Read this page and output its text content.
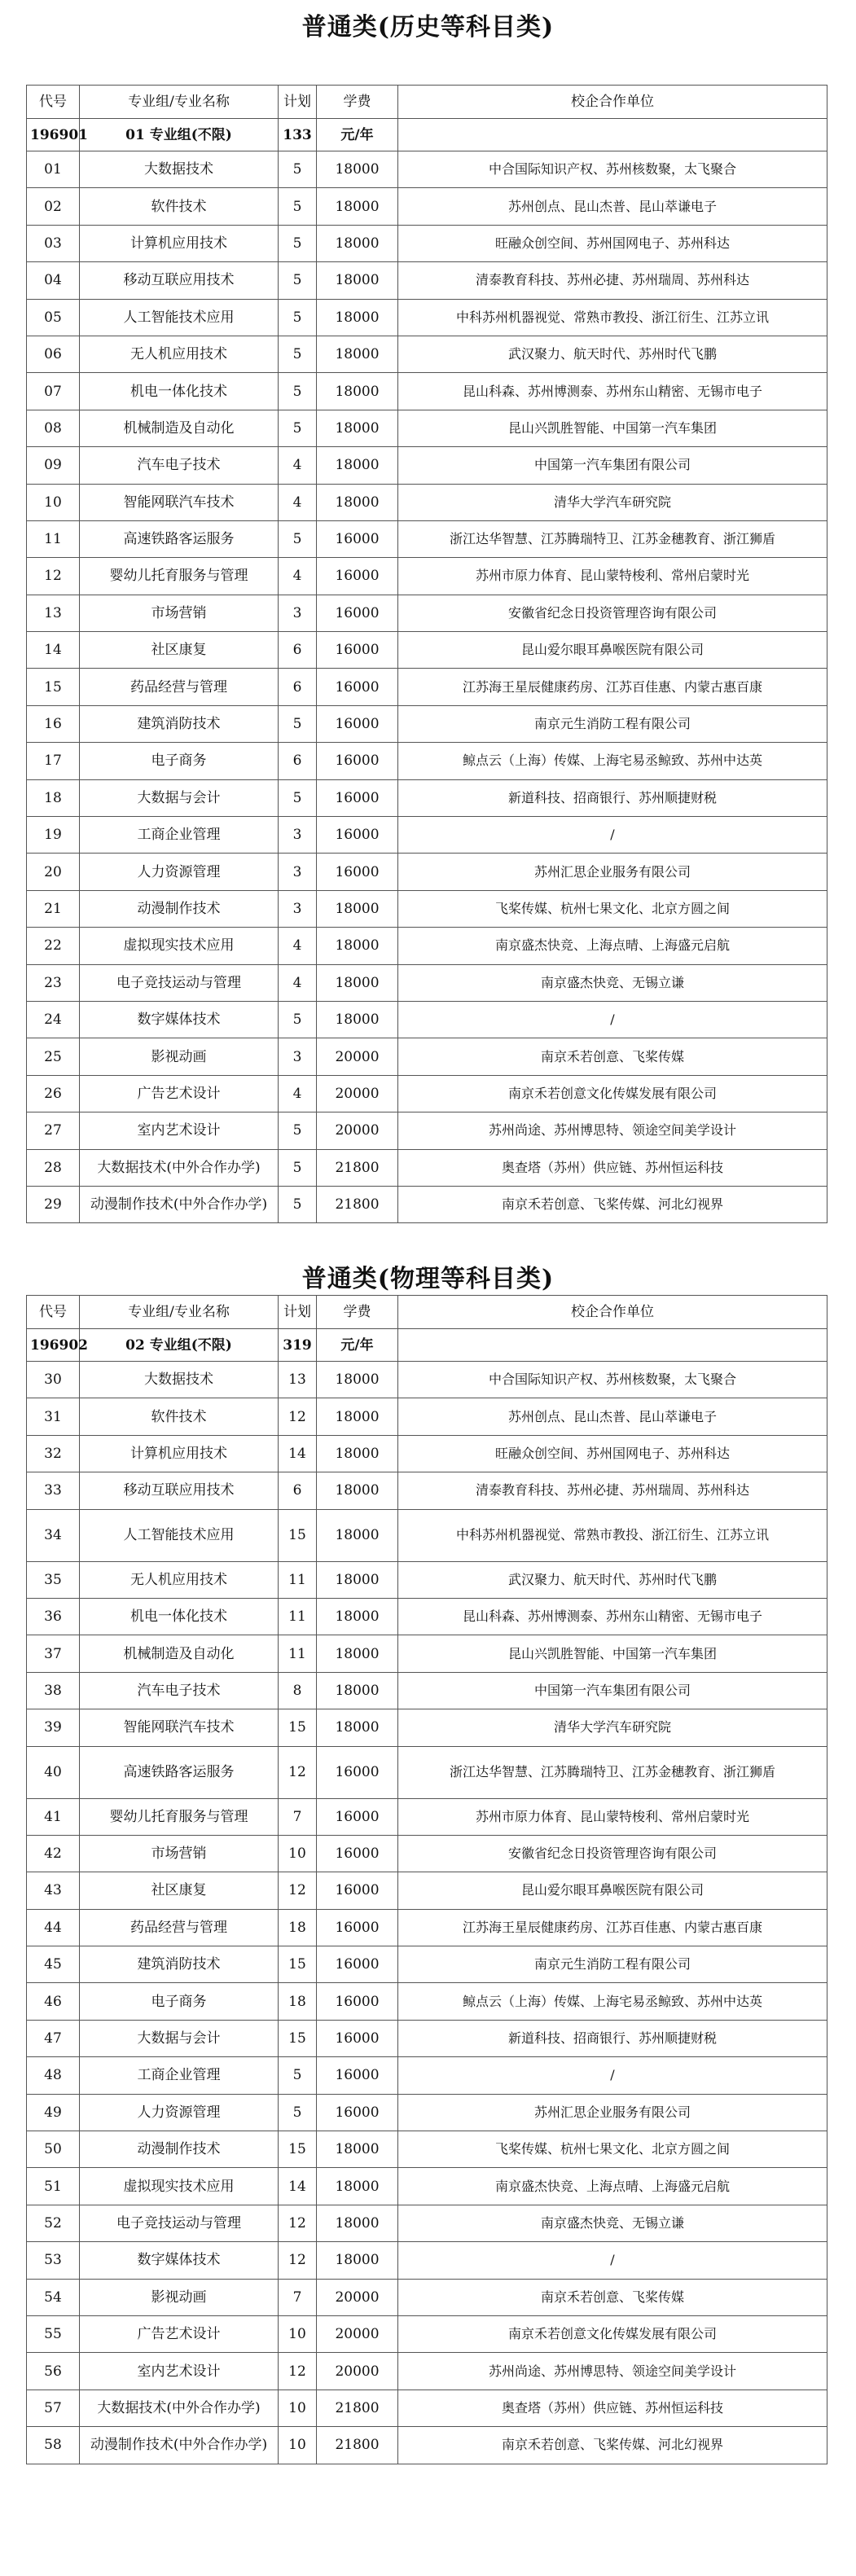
普通类(历史等科目类)
代号	专业组/专业名称	计划	学费	校企合作单位
196901	01 专业组(不限)	133	元/年	
01	大数据技术	5	18000	中合国际知识产权、苏州核数聚，太飞聚合
02	软件技术	5	18000	苏州创点、昆山杰普、昆山萃谦电子
03	计算机应用技术	5	18000	旺融众创空间、苏州国网电子、苏州科达
04	移动互联应用技术	5	18000	清泰教育科技、苏州必捷、苏州瑞周、苏州科达
05	人工智能技术应用	5	18000	中科苏州机器视觉、常熟市教投、浙江衍生、江苏立讯
06	无人机应用技术	5	18000	武汉聚力、航天时代、苏州时代飞鹏
07	机电一体化技术	5	18000	昆山科森、苏州博测泰、苏州东山精密、无锡市电子
08	机械制造及自动化	5	18000	昆山兴凯胜智能、中国第一汽车集团
09	汽车电子技术	4	18000	中国第一汽车集团有限公司
10	智能网联汽车技术	4	18000	清华大学汽车研究院
11	高速铁路客运服务	5	16000	浙江达华智慧、江苏腾瑞特卫、江苏金穗教育、浙江狮盾
12	婴幼儿托育服务与管理	4	16000	苏州市原力体育、昆山蒙特梭利、常州启蒙时光
13	市场营销	3	16000	安徽省纪念日投资管理咨询有限公司
14	社区康复	6	16000	昆山爱尔眼耳鼻喉医院有限公司
15	药品经营与管理	6	16000	江苏海王星辰健康药房、江苏百佳惠、内蒙古惠百康
16	建筑消防技术	5	16000	南京元生消防工程有限公司
17	电子商务	6	16000	鲸点云（上海）传媒、上海宅易丞鲸致、苏州中达英
18	大数据与会计	5	16000	新道科技、招商银行、苏州顺捷财税
19	工商企业管理	3	16000	/
20	人力资源管理	3	16000	苏州汇思企业服务有限公司
21	动漫制作技术	3	18000	飞桨传媒、杭州七果文化、北京方圆之间
22	虚拟现实技术应用	4	18000	南京盛杰快竞、上海点晴、上海盛元启航
23	电子竞技运动与管理	4	18000	南京盛杰快竞、无锡立谦
24	数字媒体技术	5	18000	/
25	影视动画	3	20000	南京禾若创意、飞桨传媒
26	广告艺术设计	4	20000	南京禾若创意文化传媒发展有限公司
27	室内艺术设计	5	20000	苏州尚途、苏州博思特、领途空间美学设计
28	大数据技术(中外合作办学)	5	21800	奥查塔（苏州）供应链、苏州恒运科技
29	动漫制作技术(中外合作办学)	5	21800	南京禾若创意、飞桨传媒、河北幻视界
普通类(物理等科目类)
代号	专业组/专业名称	计划	学费	校企合作单位
196902	02 专业组(不限)	319	元/年	
30	大数据技术	13	18000	中合国际知识产权、苏州核数聚，太飞聚合
31	软件技术	12	18000	苏州创点、昆山杰普、昆山萃谦电子
32	计算机应用技术	14	18000	旺融众创空间、苏州国网电子、苏州科达
33	移动互联应用技术	6	18000	清泰教育科技、苏州必捷、苏州瑞周、苏州科达
34	人工智能技术应用	15	18000	中科苏州机器视觉、常熟市教投、浙江衍生、江苏立讯
35	无人机应用技术	11	18000	武汉聚力、航天时代、苏州时代飞鹏
36	机电一体化技术	11	18000	昆山科森、苏州博测泰、苏州东山精密、无锡市电子
37	机械制造及自动化	11	18000	昆山兴凯胜智能、中国第一汽车集团
38	汽车电子技术	8	18000	中国第一汽车集团有限公司
39	智能网联汽车技术	15	18000	清华大学汽车研究院
40	高速铁路客运服务	12	16000	浙江达华智慧、江苏腾瑞特卫、江苏金穗教育、浙江狮盾
41	婴幼儿托育服务与管理	7	16000	苏州市原力体育、昆山蒙特梭利、常州启蒙时光
42	市场营销	10	16000	安徽省纪念日投资管理咨询有限公司
43	社区康复	12	16000	昆山爱尔眼耳鼻喉医院有限公司
44	药品经营与管理	18	16000	江苏海王星辰健康药房、江苏百佳惠、内蒙古惠百康
45	建筑消防技术	15	16000	南京元生消防工程有限公司
46	电子商务	18	16000	鲸点云（上海）传媒、上海宅易丞鲸致、苏州中达英
47	大数据与会计	15	16000	新道科技、招商银行、苏州顺捷财税
48	工商企业管理	5	16000	/
49	人力资源管理	5	16000	苏州汇思企业服务有限公司
50	动漫制作技术	15	18000	飞桨传媒、杭州七果文化、北京方圆之间
51	虚拟现实技术应用	14	18000	南京盛杰快竞、上海点晴、上海盛元启航
52	电子竞技运动与管理	12	18000	南京盛杰快竞、无锡立谦
53	数字媒体技术	12	18000	/
54	影视动画	7	20000	南京禾若创意、飞桨传媒
55	广告艺术设计	10	20000	南京禾若创意文化传媒发展有限公司
56	室内艺术设计	12	20000	苏州尚途、苏州博思特、领途空间美学设计
57	大数据技术(中外合作办学)	10	21800	奥查塔（苏州）供应链、苏州恒运科技
58	动漫制作技术(中外合作办学)	10	21800	南京禾若创意、飞桨传媒、河北幻视界
